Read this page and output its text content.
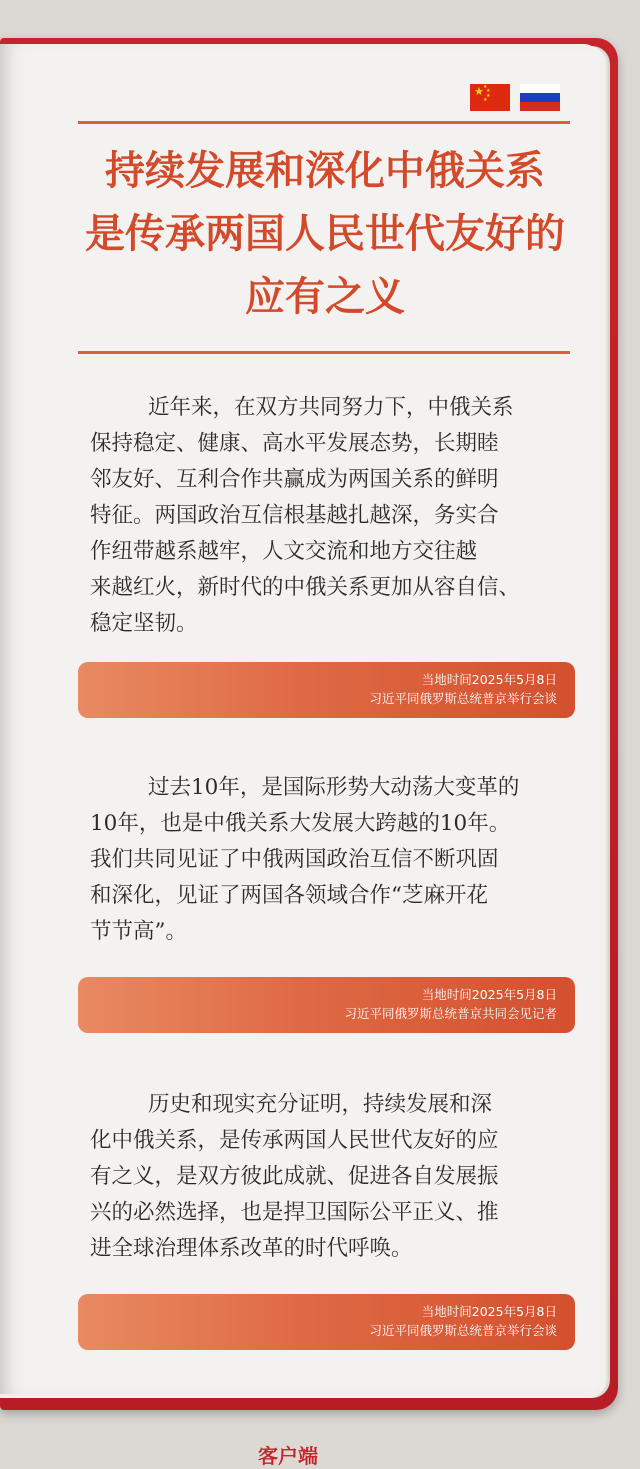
★ ★
★
★
★
持续发展和深化中俄关系
是传承两国人民世代友好的
应有之义
近年来，在双方共同努力下，中俄关系
保持稳定、健康、高水平发展态势，长期睦
邻友好、互利合作共赢成为两国关系的鲜明
特征。两国政治互信根基越扎越深，务实合
作纽带越系越牢，人文交流和地方交往越
来越红火，新时代的中俄关系更加从容自信、
稳定坚韧。
当地时间2025年5月8日
习近平同俄罗斯总统普京举行会谈
过去10年，是国际形势大动荡大变革的
10年，也是中俄关系大发展大跨越的10年。
我们共同见证了中俄两国政治互信不断巩固
和深化，见证了两国各领域合作“芝麻开花
节节高”。
当地时间2025年5月8日
习近平同俄罗斯总统普京共同会见记者
历史和现实充分证明，持续发展和深
化中俄关系，是传承两国人民世代友好的应
有之义，是双方彼此成就、促进各自发展振
兴的必然选择，也是捍卫国际公平正义、推
进全球治理体系改革的时代呼唤。
当地时间2025年5月8日
习近平同俄罗斯总统普京举行会谈
客户端
